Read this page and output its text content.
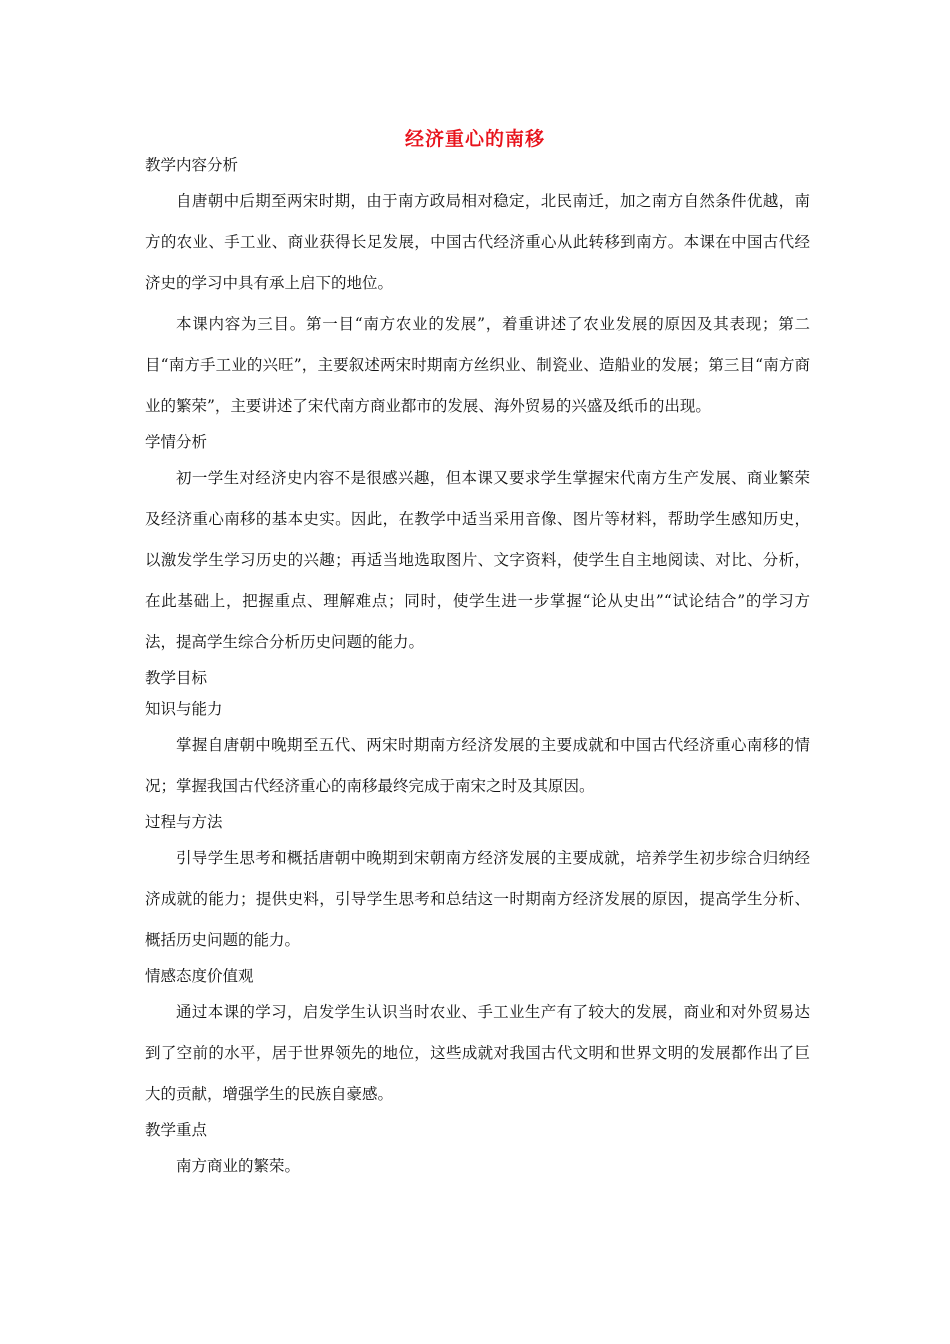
经济重心的南移

教学内容分析

自唐朝中后期至两宋时期，由于南方政局相对稳定，北民南迁，加之南方自然条件优越，南方的农业、手工业、商业获得长足发展，中国古代经济重心从此转移到南方。本课在中国古代经济史的学习中具有承上启下的地位。

本课内容为三目。第一目“南方农业的发展”，着重讲述了农业发展的原因及其表现；第二目“南方手工业的兴旺”，主要叙述两宋时期南方丝织业、制瓷业、造船业的发展；第三目“南方商业的繁荣”，主要讲述了宋代南方商业都市的发展、海外贸易的兴盛及纸币的出现。

学情分析

初一学生对经济史内容不是很感兴趣，但本课又要求学生掌握宋代南方生产发展、商业繁荣及经济重心南移的基本史实。因此，在教学中适当采用音像、图片等材料，帮助学生感知历史，以激发学生学习历史的兴趣；再适当地选取图片、文字资料，使学生自主地阅读、对比、分析，在此基础上，把握重点、理解难点；同时，使学生进一步掌握“论从史出”“试论结合”的学习方法，提高学生综合分析历史问题的能力。

教学目标

知识与能力

掌握自唐朝中晚期至五代、两宋时期南方经济发展的主要成就和中国古代经济重心南移的情况；掌握我国古代经济重心的南移最终完成于南宋之时及其原因。

过程与方法

引导学生思考和概括唐朝中晚期到宋朝南方经济发展的主要成就，培养学生初步综合归纳经济成就的能力；提供史料，引导学生思考和总结这一时期南方经济发展的原因，提高学生分析、概括历史问题的能力。

情感态度价值观

通过本课的学习，启发学生认识当时农业、手工业生产有了较大的发展，商业和对外贸易达到了空前的水平，居于世界领先的地位，这些成就对我国古代文明和世界文明的发展都作出了巨大的贡献，增强学生的民族自豪感。

教学重点

南方商业的繁荣。
